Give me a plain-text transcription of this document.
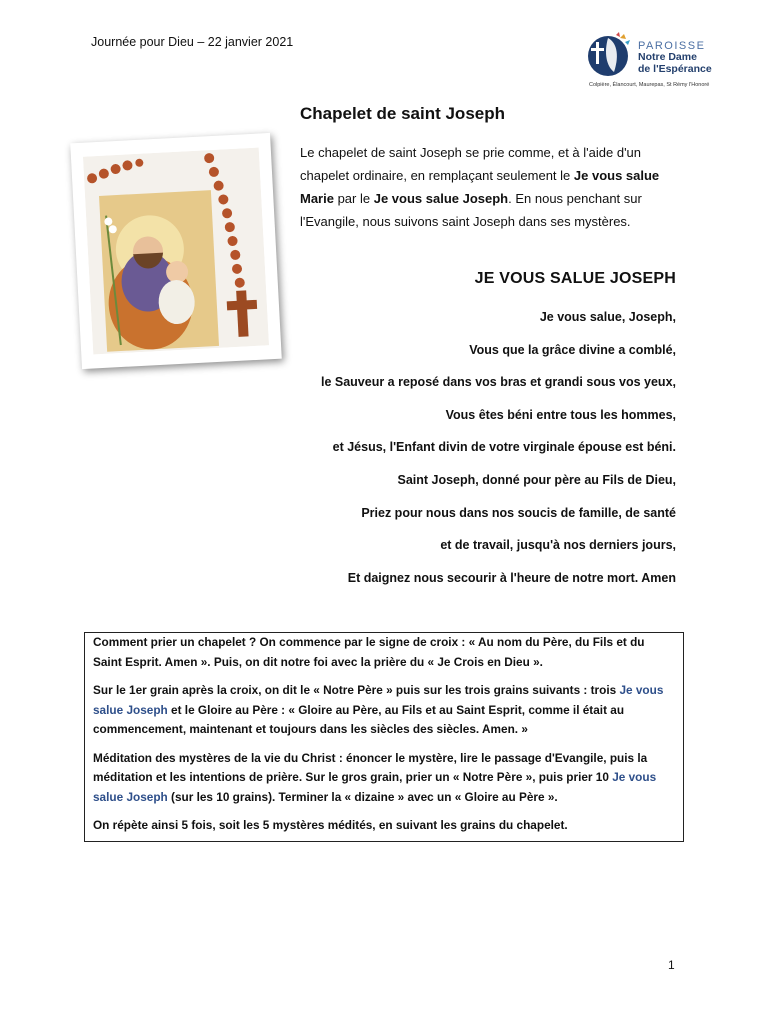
Journée pour Dieu – 22 janvier 2021	PAROISSE
Notre Dame
de l'Espérance
Colpière, Élancourt, Maurepas, St Rémy l'Honoré
Chapelet de saint Joseph
Le chapelet de saint Joseph se prie comme, et à l'aide d'un chapelet ordinaire, en remplaçant seulement le Je vous salue Marie par le Je vous salue Joseph. En nous penchant sur l'Evangile, nous suivons saint Joseph dans ses mystères.
JE VOUS SALUE JOSEPH
Je vous salue, Joseph,
Vous que la grâce divine a comblé,
le Sauveur a reposé dans vos bras et grandi sous vos yeux,
Vous êtes béni entre tous les hommes,
et Jésus, l'Enfant divin de votre virginale épouse est béni.
Saint Joseph, donné pour père au Fils de Dieu,
Priez pour nous dans nos soucis de famille, de santé
et de travail, jusqu'à nos derniers jours,
Et daignez nous secourir à l'heure de notre mort. Amen

Comment prier un chapelet ? On commence par le signe de croix : « Au nom du Père, du Fils et du Saint Esprit. Amen ». Puis, on dit notre foi avec la prière du « Je Crois en Dieu ».

Sur le 1er grain après la croix, on dit le « Notre Père » puis sur les trois grains suivants : trois Je vous salue Joseph et le Gloire au Père : « Gloire au Père, au Fils et au Saint Esprit, comme il était au commencement, maintenant et toujours dans les siècles des siècles. Amen. »

Méditation des mystères de la vie du Christ : énoncer le mystère, lire le passage d'Evangile, puis la méditation et les intentions de prière. Sur le gros grain, prier un « Notre Père », puis prier 10 Je vous salue Joseph (sur les 10 grains). Terminer la « dizaine » avec un « Gloire au Père ».

On répète ainsi 5 fois, soit les 5 mystères médités, en suivant les grains du chapelet.

1
